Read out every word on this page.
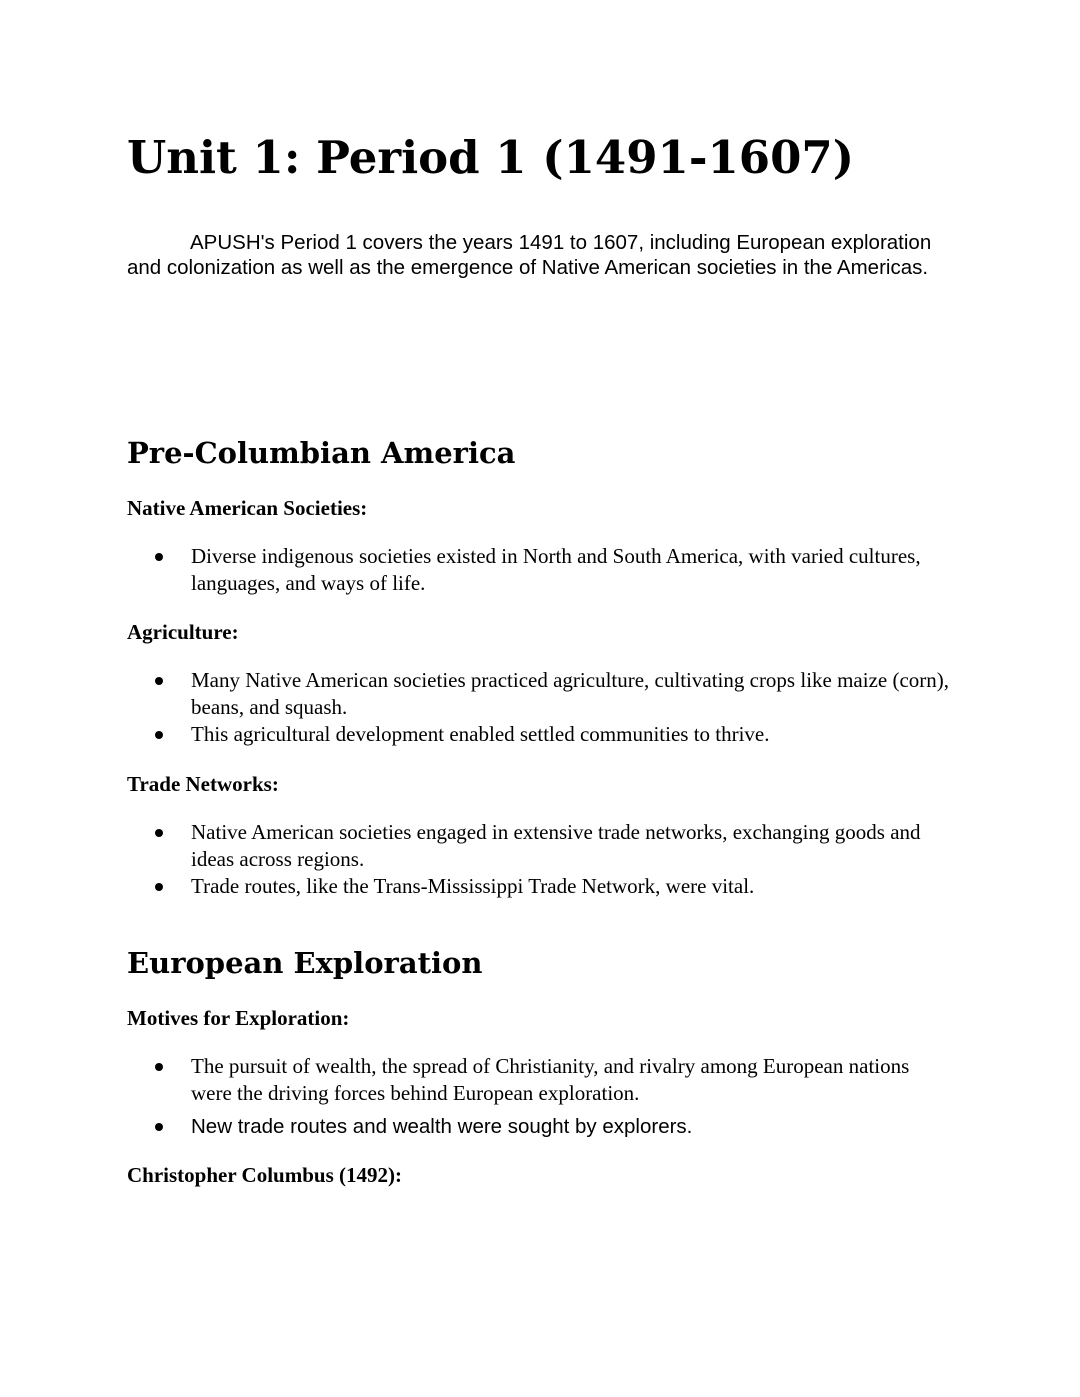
Unit 1: Period 1 (1491-1607)

APUSH's Period 1 covers the years 1491 to 1607, including European exploration and colonization as well as the emergence of Native American societies in the Americas.

Pre-Columbian America
Native American Societies:
Diverse indigenous societies existed in North and South America, with varied cultures, languages, and ways of life.
Agriculture:
Many Native American societies practiced agriculture, cultivating crops like maize (corn), beans, and squash.
This agricultural development enabled settled communities to thrive.
Trade Networks:
Native American societies engaged in extensive trade networks, exchanging goods and ideas across regions.
Trade routes, like the Trans-Mississippi Trade Network, were vital.
European Exploration
Motives for Exploration:
The pursuit of wealth, the spread of Christianity, and rivalry among European nations were the driving forces behind European exploration.
New trade routes and wealth were sought by explorers.
Christopher Columbus (1492):
